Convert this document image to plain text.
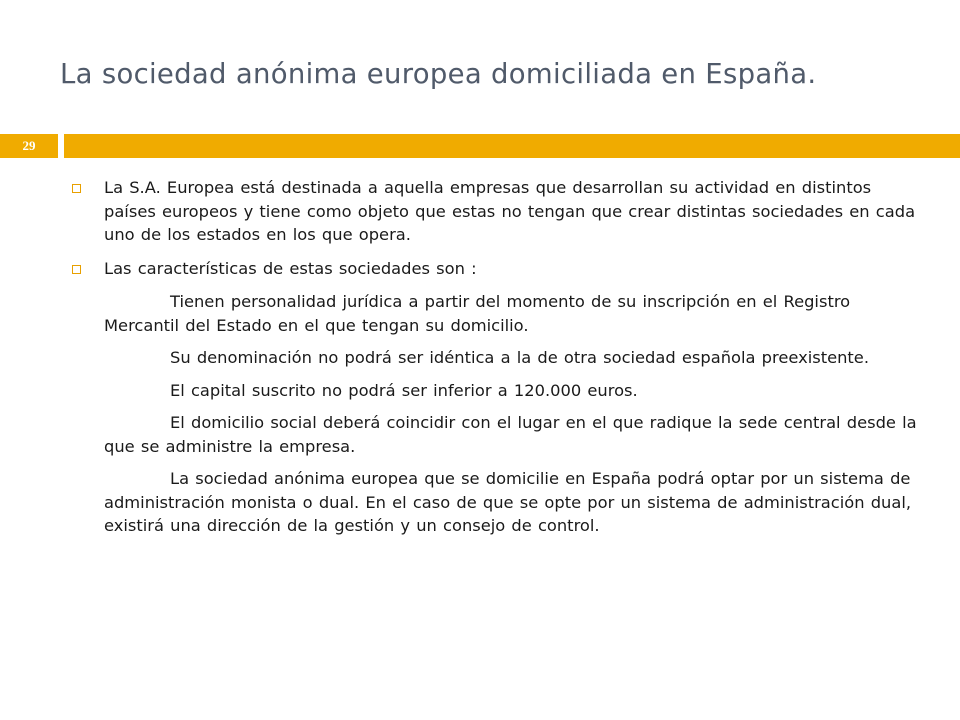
La sociedad anónima europea domiciliada en España.
29
La S.A. Europea está destinada a aquella empresas que desarrollan su actividad en distintos países europeos y tiene como objeto que estas no tengan que crear distintas sociedades en cada uno de los estados en los que opera.
Las características de estas sociedades son :
Tienen personalidad jurídica a partir del momento de su inscripción en el Registro Mercantil del Estado en el que tengan su domicilio.
Su denominación no podrá ser idéntica a la de otra sociedad española preexistente.
El capital suscrito no podrá ser inferior a 120.000 euros.
El domicilio social deberá coincidir con el lugar en el que radique la sede central desde la que se administre la empresa.
La sociedad anónima europea que se domicilie en España podrá optar por un sistema de administración monista o dual. En el caso de que se opte por un sistema de administración dual, existirá una dirección de la gestión y un consejo de control.
